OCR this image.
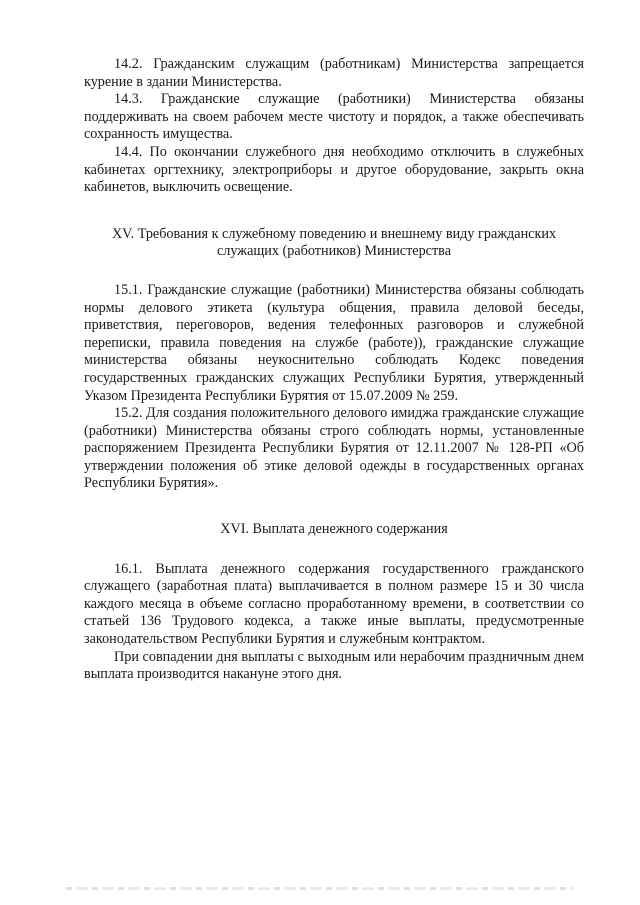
14.2. Гражданским служащим (работникам) Министерства запрещается курение в здании Министерства.

14.3. Гражданские служащие (работники) Министерства обязаны поддерживать на своем рабочем месте чистоту и порядок, а также обеспечивать сохранность имущества.

14.4. По окончании служебного дня необходимо отключить в служебных кабинетах оргтехнику, электроприборы и другое оборудование, закрыть окна кабинетов, выключить освещение.

XV. Требования к служебному поведению и внешнему виду гражданских

служащих (работников) Министерства

15.1. Гражданские служащие (работники) Министерства обязаны соблюдать нормы делового этикета (культура общения, правила деловой беседы, приветствия, переговоров, ведения телефонных разговоров и служебной переписки, правила поведения на службе (работе)), гражданские служащие министерства обязаны неукоснительно соблюдать Кодекс поведения государственных гражданских служащих Республики Бурятия, утвержденный Указом Президента Республики Бурятия от 15.07.2009 № 259.

15.2. Для создания положительного делового имиджа гражданские служащие (работники) Министерства обязаны строго соблюдать нормы, установленные распоряжением Президента Республики Бурятия от 12.11.2007 № 128-РП «Об утверждении положения об этике деловой одежды в государственных органах Республики Бурятия».

XVI. Выплата денежного содержания

16.1. Выплата денежного содержания государственного гражданского служащего (заработная плата) выплачивается в полном размере 15 и 30 числа каждого месяца в объеме согласно проработанному времени, в соответствии со статьей 136 Трудового кодекса, а также иные выплаты, предусмотренные законодательством Республики Бурятия и служебным контрактом.

При совпадении дня выплаты с выходным или нерабочим праздничным днем выплата производится накануне этого дня.
